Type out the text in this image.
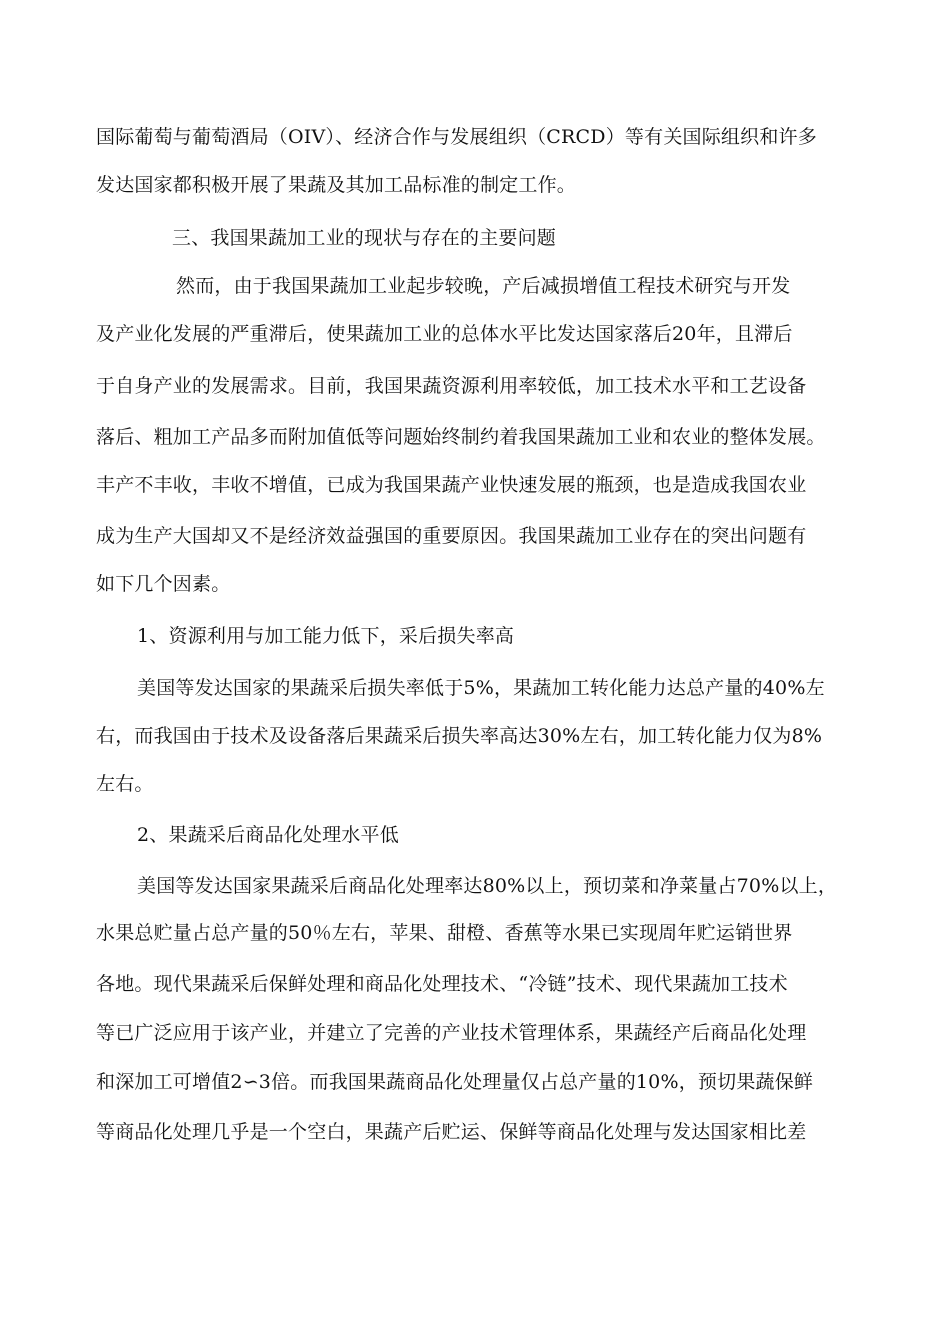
国际葡萄与葡萄酒局（OIV）、经济合作与发展组织（CRCD）等有关国际组织和许多
发达国家都积极开展了果蔬及其加工品标准的制定工作。
三、我国果蔬加工业的现状与存在的主要问题
然而，由于我国果蔬加工业起步较晚，产后减损增值工程技术研究与开发
及产业化发展的严重滞后，使果蔬加工业的总体水平比发达国家落后20年，且滞后
于自身产业的发展需求。目前，我国果蔬资源利用率较低，加工技术水平和工艺设备
落后、粗加工产品多而附加值低等问题始终制约着我国果蔬加工业和农业的整体发展。
丰产不丰收，丰收不增值，已成为我国果蔬产业快速发展的瓶颈，也是造成我国农业
成为生产大国却又不是经济效益强国的重要原因。我国果蔬加工业存在的突出问题有
如下几个因素。
1、资源利用与加工能力低下，采后损失率高
美国等发达国家的果蔬采后损失率低于5%，果蔬加工转化能力达总产量的40%左
右，而我国由于技术及设备落后果蔬采后损失率高达30%左右，加工转化能力仅为8%
左右。
2、果蔬采后商品化处理水平低
美国等发达国家果蔬采后商品化处理率达80%以上，预切菜和净菜量占70%以上，
水果总贮量占总产量的50％左右，苹果、甜橙、香蕉等水果已实现周年贮运销世界
各地。现代果蔬采后保鲜处理和商品化处理技术、“冷链”技术、现代果蔬加工技术
等已广泛应用于该产业，并建立了完善的产业技术管理体系，果蔬经产后商品化处理
和深加工可增值2∽3倍。而我国果蔬商品化处理量仅占总产量的10%，预切果蔬保鲜
等商品化处理几乎是一个空白，果蔬产后贮运、保鲜等商品化处理与发达国家相比差
